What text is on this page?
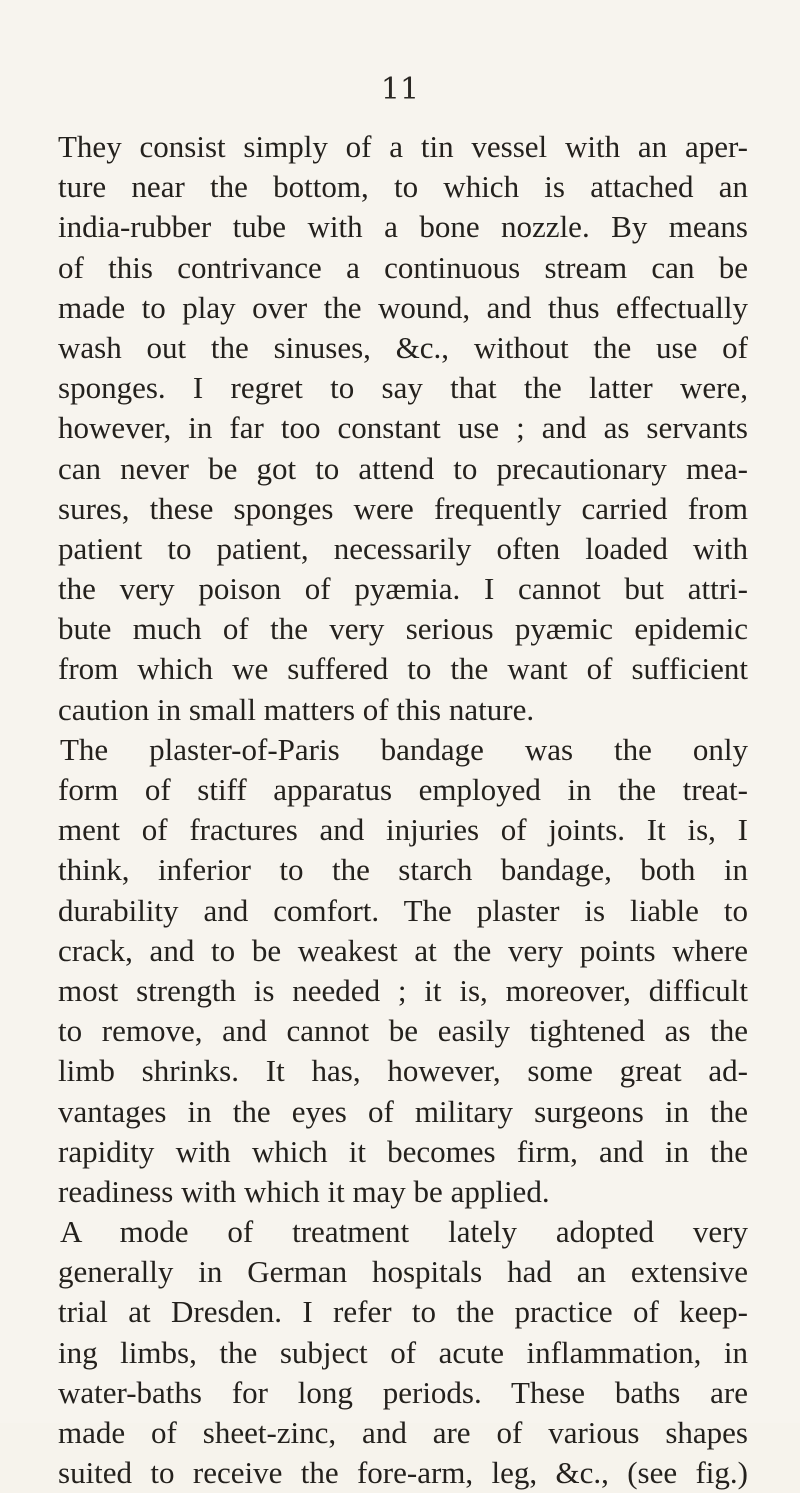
11
They consist simply of a tin vessel with an aper-
ture near the bottom, to which is attached an
india-rubber tube with a bone nozzle. By means
of this contrivance a continuous stream can be
made to play over the wound, and thus effectually
wash out the sinuses, &c., without the use of
sponges. I regret to say that the latter were,
however, in far too constant use ; and as servants
can never be got to attend to precautionary mea-
sures, these sponges were frequently carried from
patient to patient, necessarily often loaded with
the very poison of pyæmia. I cannot but attri-
bute much of the very serious pyæmic epidemic
from which we suffered to the want of sufficient
caution in small matters of this nature.
The plaster-of-Paris bandage was the only
form of stiff apparatus employed in the treat-
ment of fractures and injuries of joints. It is, I
think, inferior to the starch bandage, both in
durability and comfort. The plaster is liable to
crack, and to be weakest at the very points where
most strength is needed ; it is, moreover, difficult
to remove, and cannot be easily tightened as the
limb shrinks. It has, however, some great ad-
vantages in the eyes of military surgeons in the
rapidity with which it becomes firm, and in the
readiness with which it may be applied.
A mode of treatment lately adopted very
generally in German hospitals had an extensive
trial at Dresden. I refer to the practice of keep-
ing limbs, the subject of acute inflammation, in
water-baths for long periods. These baths are
made of sheet-zinc, and are of various shapes
suited to receive the fore-arm, leg, &c., (see fig.)
